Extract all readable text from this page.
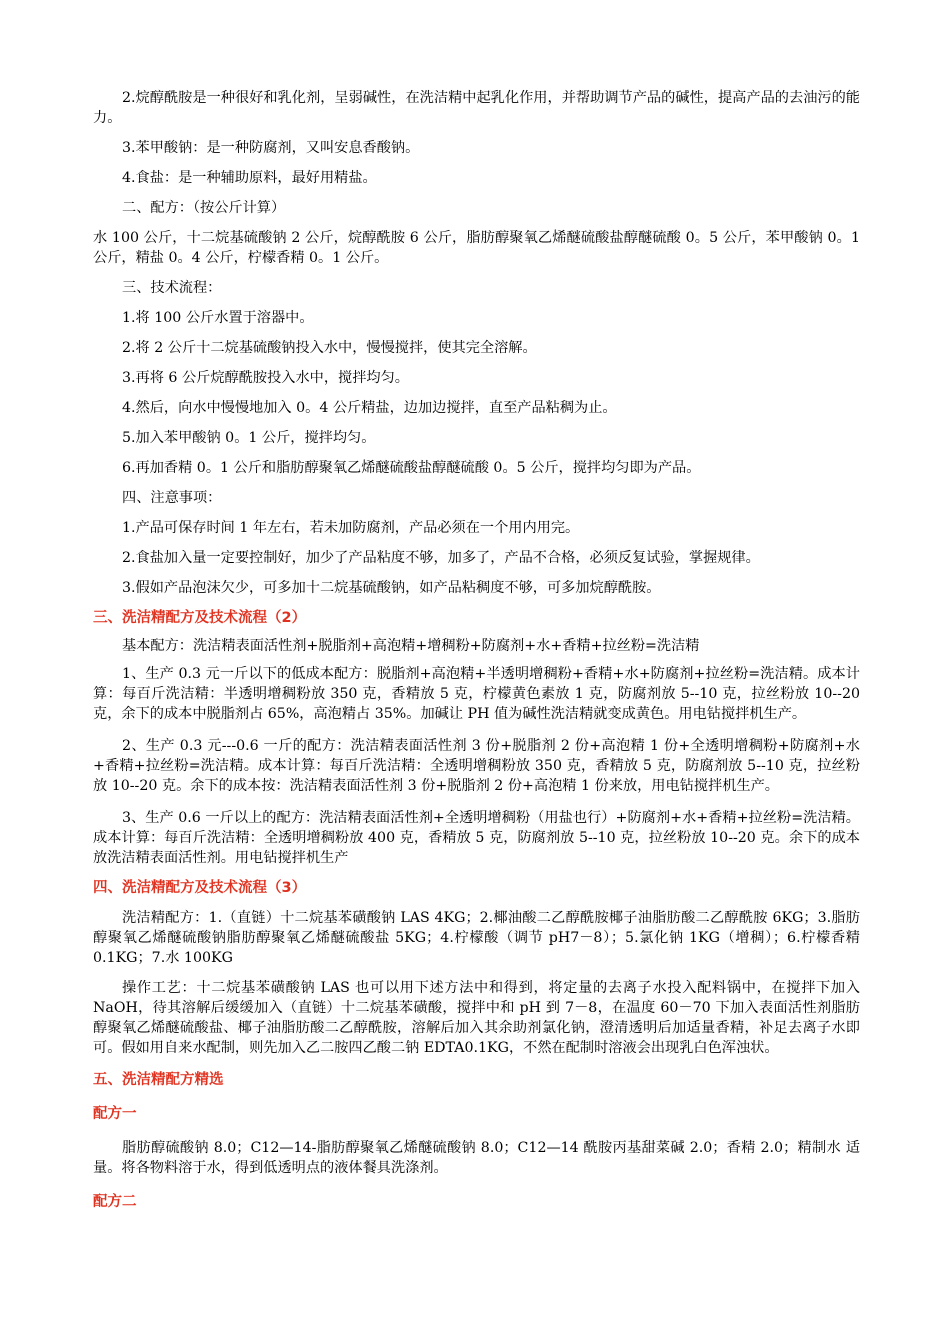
2.烷醇酰胺是一种很好和乳化剂，呈弱碱性，在洗洁精中起乳化作用，并帮助调节产品的碱性，提高产品的去油污的能力。

3.苯甲酸钠：是一种防腐剂，又叫安息香酸钠。

4.食盐：是一种辅助原料，最好用精盐。

二、配方：（按公斤计算）

水 100 公斤，十二烷基硫酸钠 2 公斤，烷醇酰胺 6 公斤，脂肪醇聚氧乙烯醚硫酸盐醇醚硫酸 0。5 公斤，苯甲酸钠 0。1 公斤，精盐 0。4 公斤，柠檬香精 0。1 公斤。

三、技术流程：

1.将 100 公斤水置于溶器中。

2.将 2 公斤十二烷基硫酸钠投入水中，慢慢搅拌，使其完全溶解。

3.再将 6 公斤烷醇酰胺投入水中，搅拌均匀。

4.然后，向水中慢慢地加入 0。4 公斤精盐，边加边搅拌，直至产品粘稠为止。

5.加入苯甲酸钠 0。1 公斤，搅拌均匀。

6.再加香精 0。1 公斤和脂肪醇聚氧乙烯醚硫酸盐醇醚硫酸 0。5 公斤，搅拌均匀即为产品。

四、注意事项：

1.产品可保存时间 1 年左右，若未加防腐剂，产品必须在一个用内用完。

2.食盐加入量一定要控制好，加少了产品粘度不够，加多了，产品不合格，必须反复试验，掌握规律。

3.假如产品泡沫欠少，可多加十二烷基硫酸钠，如产品粘稠度不够，可多加烷醇酰胺。

三、洗洁精配方及技术流程（2）

基本配方：洗洁精表面活性剂+脱脂剂+高泡精+增稠粉+防腐剂+水+香精+拉丝粉=洗洁精

1、生产 0.3 元一斤以下的低成本配方：脱脂剂+高泡精+半透明增稠粉+香精+水+防腐剂+拉丝粉=洗洁精。成本计算：每百斤洗洁精：半透明增稠粉放 350 克，香精放 5 克，柠檬黄色素放 1 克，防腐剂放 5--10 克，拉丝粉放 10--20 克，余下的成本中脱脂剂占 65%，高泡精占 35%。加碱让 PH 值为碱性洗洁精就变成黄色。用电钻搅拌机生产。

2、生产 0.3 元---0.6 一斤的配方：洗洁精表面活性剂 3 份+脱脂剂 2 份+高泡精 1 份+全透明增稠粉+防腐剂+水+香精+拉丝粉=洗洁精。成本计算：每百斤洗洁精：全透明增稠粉放 350 克，香精放 5 克，防腐剂放 5--10 克，拉丝粉放 10--20 克。余下的成本按：洗洁精表面活性剂 3 份+脱脂剂 2 份+高泡精 1 份来放，用电钻搅拌机生产。

3、生产 0.6 一斤以上的配方：洗洁精表面活性剂+全透明增稠粉（用盐也行）+防腐剂+水+香精+拉丝粉=洗洁精。成本计算：每百斤洗洁精：全透明增稠粉放 400 克，香精放 5 克，防腐剂放 5--10 克，拉丝粉放 10--20 克。余下的成本放洗洁精表面活性剂。用电钻搅拌机生产

四、洗洁精配方及技术流程（3）

洗洁精配方：1.（直链）十二烷基苯磺酸钠 LAS 4KG；2.椰油酸二乙醇酰胺椰子油脂肪酸二乙醇酰胺 6KG；3.脂肪醇聚氧乙烯醚硫酸钠脂肪醇聚氧乙烯醚硫酸盐 5KG；4.柠檬酸（调节 pH7－8）；5.氯化钠 1KG（增稠）；6.柠檬香精 0.1KG；7.水 100KG

操作工艺：十二烷基苯磺酸钠 LAS 也可以用下述方法中和得到，将定量的去离子水投入配料锅中，在搅拌下加入 NaOH，待其溶解后缓缓加入（直链）十二烷基苯磺酸，搅拌中和 pH 到 7－8，在温度 60－70 下加入表面活性剂脂肪醇聚氧乙烯醚硫酸盐、椰子油脂肪酸二乙醇酰胺，溶解后加入其余助剂氯化钠，澄清透明后加适量香精，补足去离子水即可。假如用自来水配制，则先加入乙二胺四乙酸二钠 EDTA0.1KG，不然在配制时溶液会出现乳白色浑浊状。

五、洗洁精配方精选

配方一

脂肪醇硫酸钠 8.0；C12—14-脂肪醇聚氧乙烯醚硫酸钠 8.0；C12—14 酰胺丙基甜菜碱 2.0；香精 2.0；精制水 适量。将各物料溶于水，得到低透明点的液体餐具洗涤剂。

配方二
